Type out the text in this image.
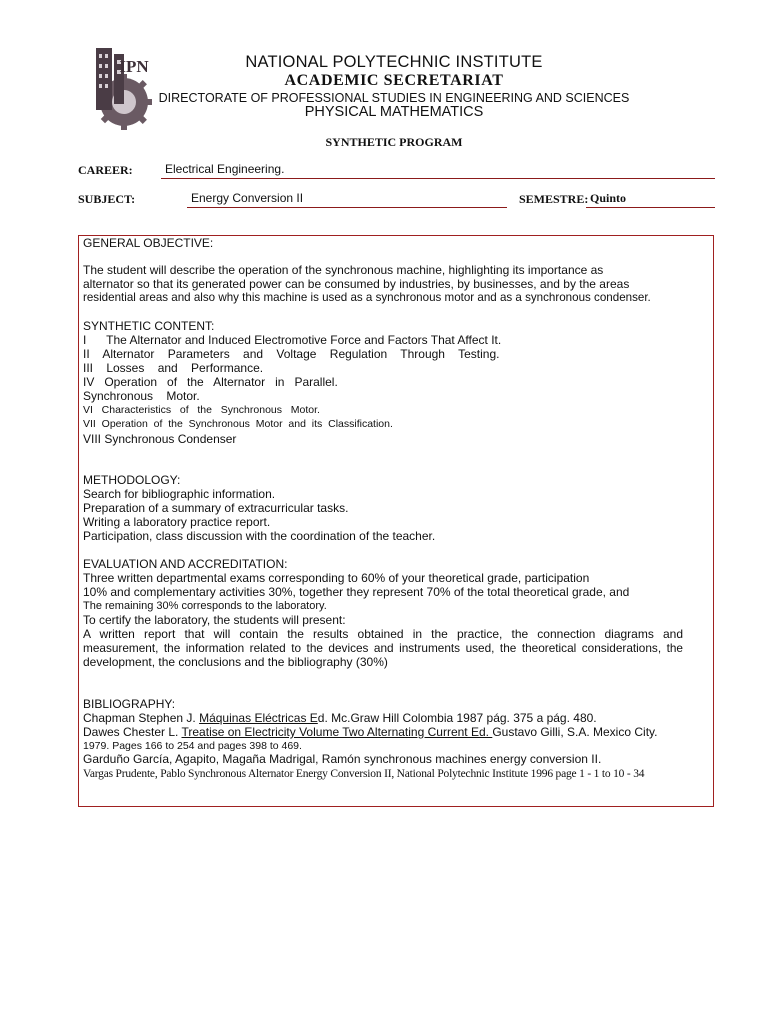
IPN	NATIONAL POLYTECHNIC INSTITUTE
ACADEMIC SECRETARIAT
DIRECTORATE OF PROFESSIONAL STUDIES IN ENGINEERING AND SCIENCES
PHYSICAL MATHEMATICS
SYNTHETIC PROGRAM
CAREER:	Electrical Engineering.
SUBJECT:	Energy Conversion II	SEMESTRE: Quinto
GENERAL OBJECTIVE:
The student will describe the operation of the synchronous machine, highlighting its importance as
alternator so that its generated power can be consumed by industries, by businesses, and by the areas
residential areas and also why this machine is used as a synchronous motor and as a synchronous condenser.
SYNTHETIC CONTENT:
I      The Alternator and Induced Electromotive Force and Factors That Affect It.
II    Alternator    Parameters    and    Voltage    Regulation    Through    Testing.
III    Losses    and    Performance.
IV   Operation   of   the   Alternator   in   Parallel.
Synchronous    Motor.
VI   Characteristics   of   the   Synchronous   Motor.
VII  Operation  of  the  Synchronous  Motor  and  its  Classification.
VIII Synchronous Condenser
METHODOLOGY:
Search for bibliographic information.
Preparation of a summary of extracurricular tasks.
Writing a laboratory practice report.
Participation, class discussion with the coordination of the teacher.
EVALUATION AND ACCREDITATION:
Three written departmental exams corresponding to 60% of your theoretical grade, participation
10% and complementary activities 30%, together they represent 70% of the total theoretical grade, and
The remaining 30% corresponds to the laboratory.
To certify the laboratory, the students will present:
A written report that will contain the results obtained in the practice, the connection diagrams and
measurement, the information related to the devices and instruments used, the theoretical considerations, the
development, the conclusions and the bibliography (30%)
BIBLIOGRAPHY:
Chapman Stephen J. Máquinas Eléctricas Ed. Mc.Graw Hill Colombia 1987 pág. 375 a pág. 480.
Dawes Chester L. Treatise on Electricity Volume Two Alternating Current Ed. Gustavo Gilli, S.A. Mexico City.
1979. Pages 166 to 254 and pages 398 to 469.
Garduño García, Agapito, Magaña Madrigal, Ramón synchronous machines energy conversion II.
Vargas Prudente, Pablo Synchronous Alternator Energy Conversion II, National Polytechnic Institute 1996 page 1 - 1 to 10 - 34
